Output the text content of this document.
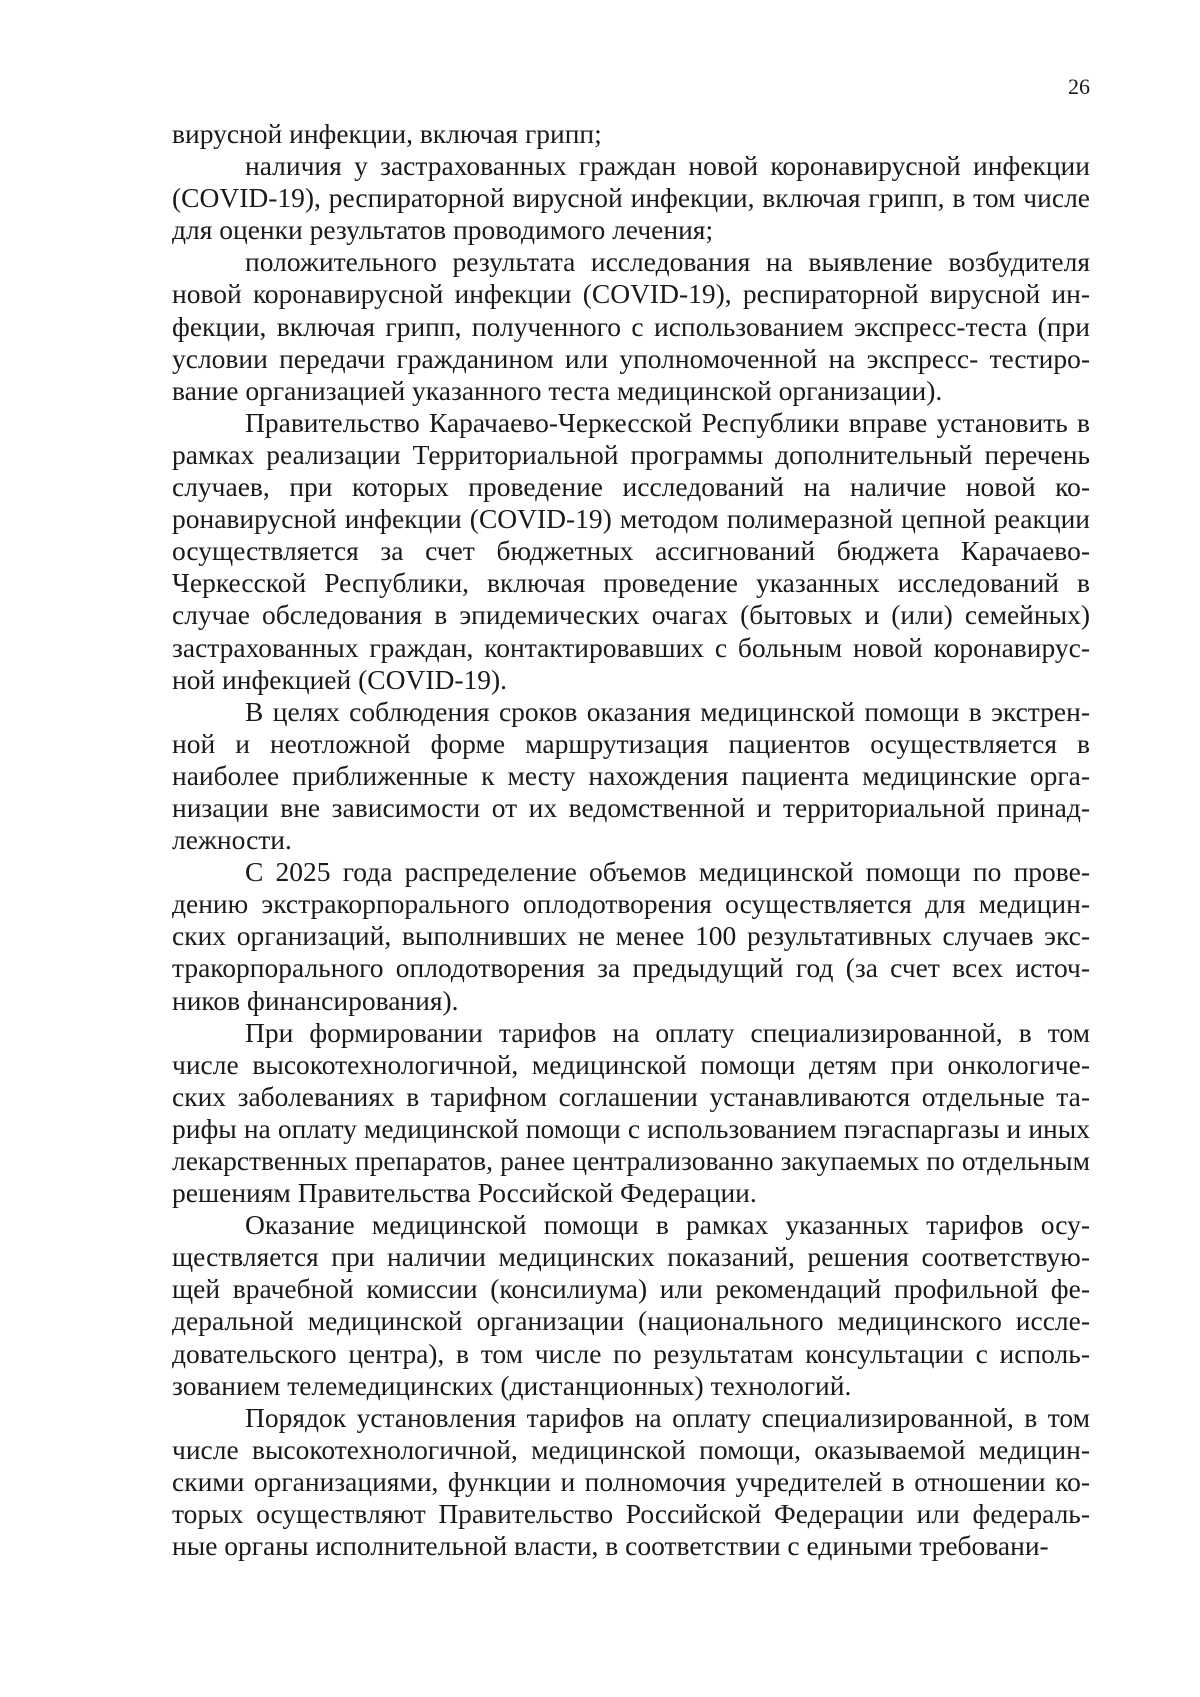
26

вирусной инфекции, включая грипп;

наличия у застрахованных граждан новой коронавирусной инфекции (COVID-19), респираторной вирусной инфекции, включая грипп, в том числе для оценки результатов проводимого лечения;

положительного результата исследования на выявление возбудителя новой коронавирусной инфекции (COVID-19), респираторной вирусной инфекции, включая грипп, полученного с использованием экспресс-теста (при условии передачи гражданином или уполномоченной на экспресс- тестирование организацией указанного теста медицинской организации).

Правительство Карачаево-Черкесской Республики вправе установить в рамках реализации Территориальной программы дополнительный перечень случаев, при которых проведение исследований на наличие новой коронавирусной инфекции (COVID-19) методом полимеразной цепной реакции осуществляется за счет бюджетных ассигнований бюджета Карачаево-Черкесской Республики, включая проведение указанных исследований в случае обследования в эпидемических очагах (бытовых и (или) семейных) застрахованных граждан, контактировавших с больным новой коронавирусной инфекцией (COVID-19).

В целях соблюдения сроков оказания медицинской помощи в экстренной и неотложной форме маршрутизация пациентов осуществляется в наиболее приближенные к месту нахождения пациента медицинские организации вне зависимости от их ведомственной и территориальной принадлежности.

С 2025 года распределение объемов медицинской помощи по проведению экстракорпорального оплодотворения осуществляется для медицинских организаций, выполнивших не менее 100 результативных случаев экстракорпорального оплодотворения за предыдущий год (за счет всех источников финансирования).

При формировании тарифов на оплату специализированной, в том числе высокотехнологичной, медицинской помощи детям при онкологических заболеваниях в тарифном соглашении устанавливаются отдельные тарифы на оплату медицинской помощи с использованием пэгаспаргазы и иных лекарственных препаратов, ранее централизованно закупаемых по отдельным решениям Правительства Российской Федерации.

Оказание медицинской помощи в рамках указанных тарифов осуществляется при наличии медицинских показаний, решения соответствующей врачебной комиссии (консилиума) или рекомендаций профильной федеральной медицинской организации (национального медицинского исследовательского центра), в том числе по результатам консультации с использованием телемедицинских (дистанционных) технологий.

Порядок установления тарифов на оплату специализированной, в том числе высокотехнологичной, медицинской помощи, оказываемой медицинскими организациями, функции и полномочия учредителей в отношении которых осуществляют Правительство Российской Федерации или федеральные органы исполнительной власти, в соответствии с едиными требовани-
